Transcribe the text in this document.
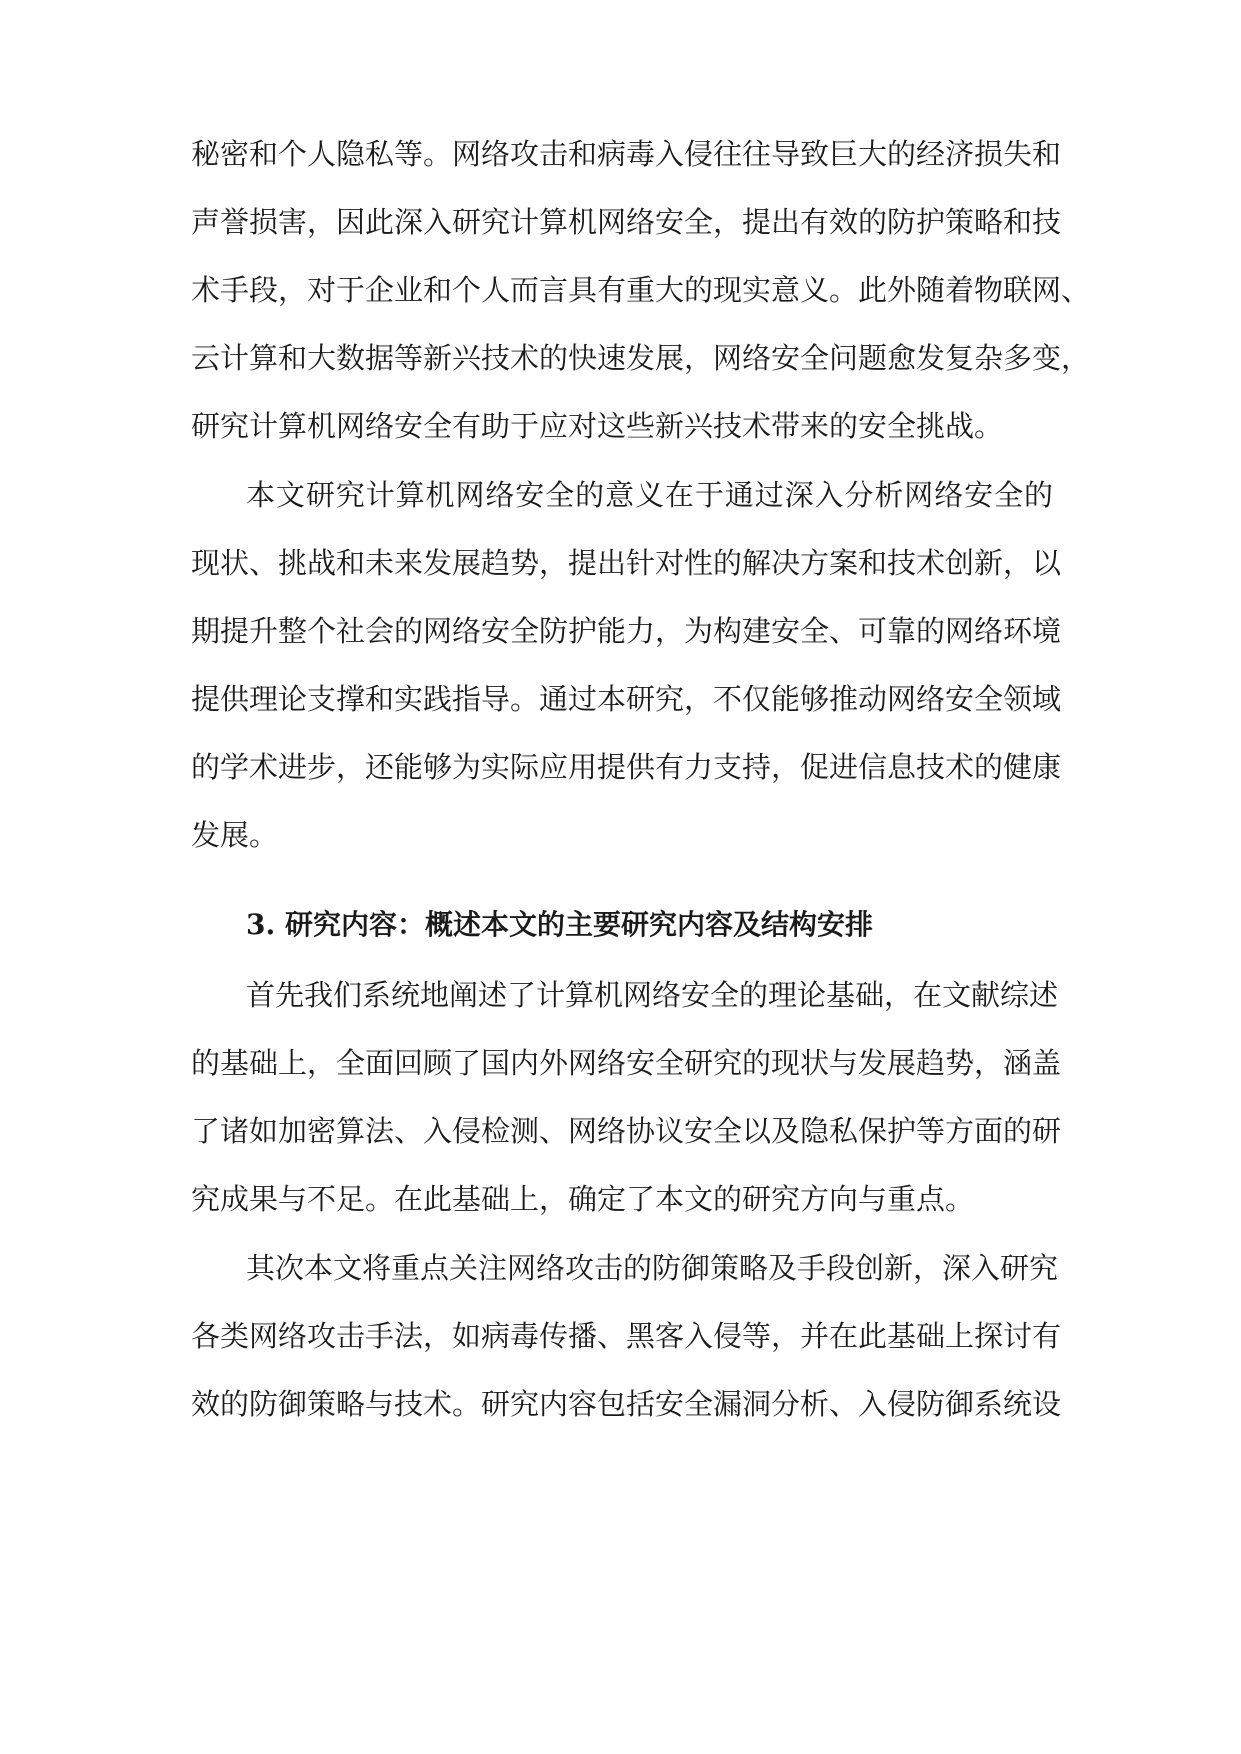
秘密和个人隐私等。网络攻击和病毒入侵往往导致巨大的经济损失和
声誉损害，因此深入研究计算机网络安全，提出有效的防护策略和技
术手段，对于企业和个人而言具有重大的现实意义。此外随着物联网、
云计算和大数据等新兴技术的快速发展，网络安全问题愈发复杂多变，
研究计算机网络安全有助于应对这些新兴技术带来的安全挑战。
本文研究计算机网络安全的意义在于通过深入分析网络安全的
现状、挑战和未来发展趋势，提出针对性的解决方案和技术创新，以
期提升整个社会的网络安全防护能力，为构建安全、可靠的网络环境
提供理论支撑和实践指导。通过本研究，不仅能够推动网络安全领域
的学术进步，还能够为实际应用提供有力支持，促进信息技术的健康
发展。
3. 研究内容：概述本文的主要研究内容及结构安排
首先我们系统地阐述了计算机网络安全的理论基础，在文献综述
的基础上，全面回顾了国内外网络安全研究的现状与发展趋势，涵盖
了诸如加密算法、入侵检测、网络协议安全以及隐私保护等方面的研
究成果与不足。在此基础上，确定了本文的研究方向与重点。
其次本文将重点关注网络攻击的防御策略及手段创新，深入研究
各类网络攻击手法，如病毒传播、黑客入侵等，并在此基础上探讨有
效的防御策略与技术。研究内容包括安全漏洞分析、入侵防御系统设
